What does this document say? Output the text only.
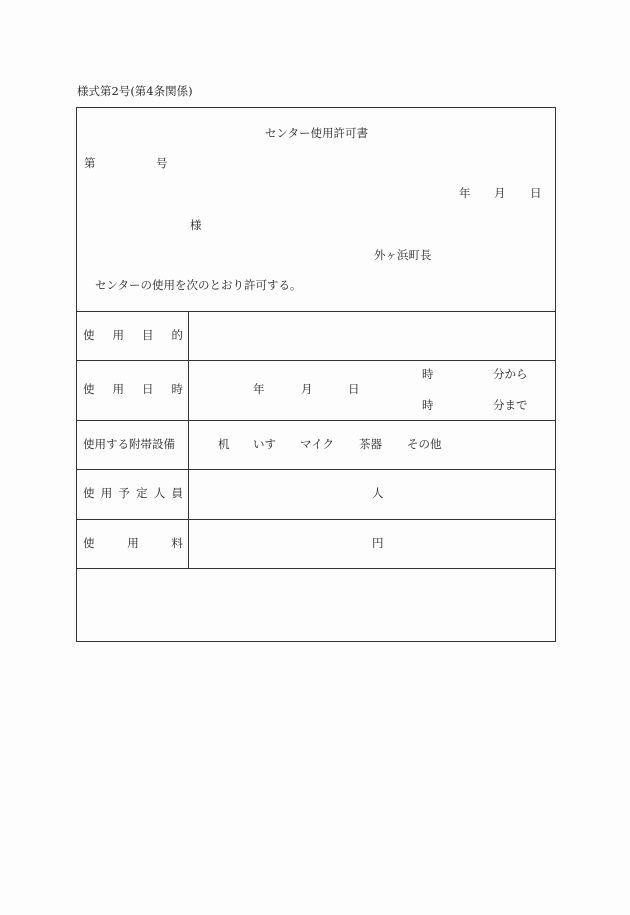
様式第2号(第4条関係)
センター使用許可書
第	号
年 月 日
様
外ヶ浜町長
センターの使用を次のとおり許可する。
使 用 目 的
使 用 日 時	年	月	日
時	分から
時	分まで
使用する附帯設備	机 いす マイク 茶器 その他
使 用 予 定 人 員	人
使	用	料	円
